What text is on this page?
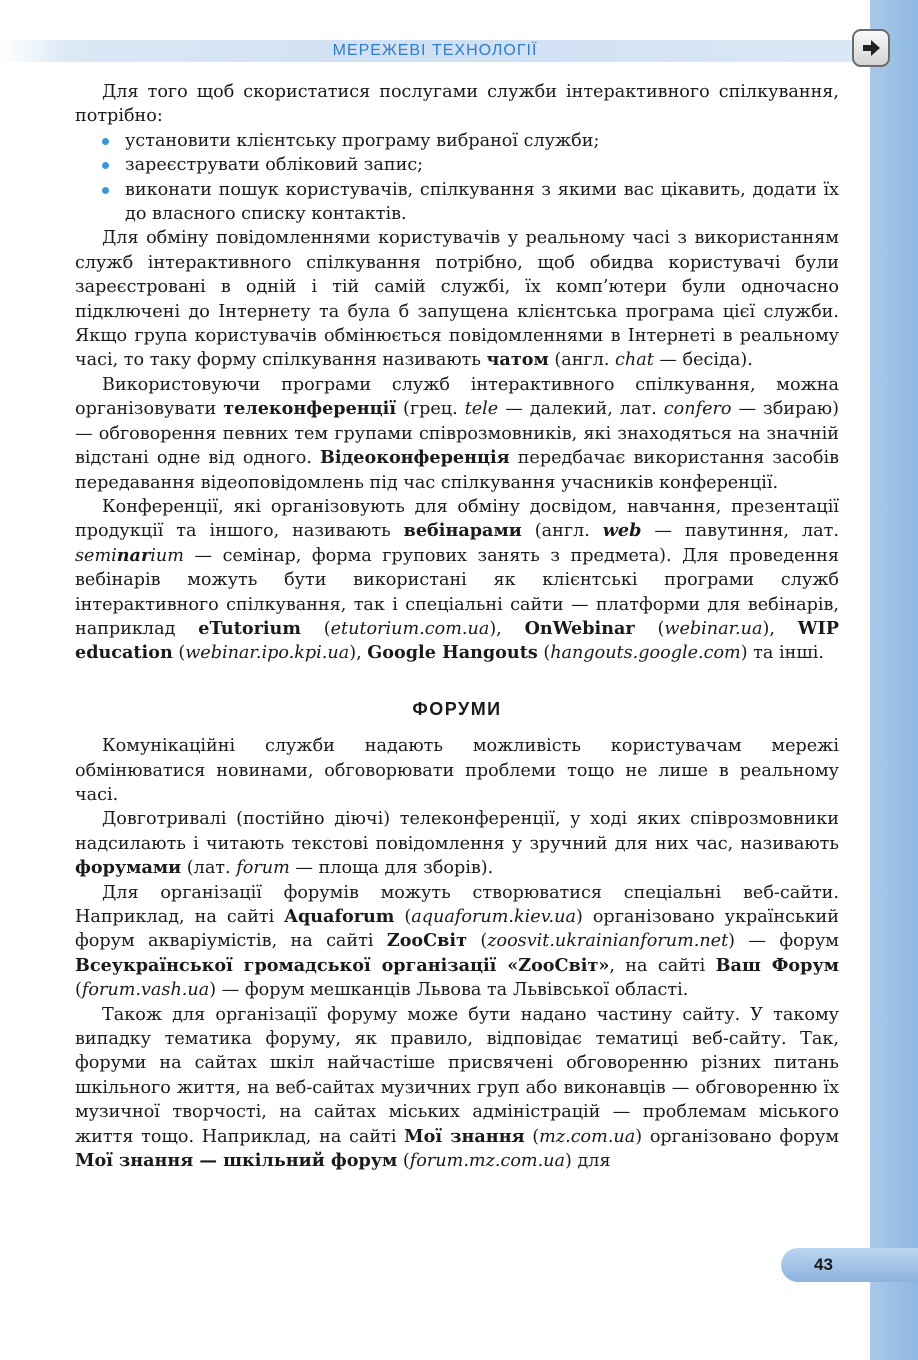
МЕРЕЖЕВІ ТЕХНОЛОГІЇ

Для того щоб скористатися послугами служби інтерактивного спілкування, потрібно:

установити клієнтську програму вибраної служби;
зареєструвати обліковий запис;
виконати пошук користувачів, спілкування з якими вас цікавить, додати їх до власного списку контактів.

Для обміну повідомленнями користувачів у реальному часі з використанням служб інтерактивного спілкування потрібно, щоб обидва користувачі були зареєстровані в одній і тій самій службі, їх комп’ютери були одночасно підключені до Інтернету та була б запущена клієнтська програма цієї служби. Якщо група користувачів обмінюється повідомленнями в Інтернеті в реальному часі, то таку форму спілкування називають чатом (англ. chat — бесіда).

Використовуючи програми служб інтерактивного спілкування, можна організовувати телеконференції (грец. tele — далекий, лат. confero — збираю) — обговорення певних тем групами співрозмовників, які знаходяться на значній відстані одне від одного. Відеоконференція передбачає використання засобів передавання відеоповідомлень під час спілкування учасників конференції.

Конференції, які організовують для обміну досвідом, навчання, презентації продукції та іншого, називають вебінарами (англ. web — павутиння, лат. seminarium — семінар, форма групових занять з предмета). Для проведення вебінарів можуть бути використані як клієнтські програми служб інтерактивного спілкування, так і спеціальні сайти — платформи для вебінарів, наприклад eTutorium (etutorium.com.ua), OnWebinar (webinar.ua), WIP education (webinar.ipo.kpi.ua), Google Hangouts (hangouts.google.com) та інші.

ФОРУМИ

Комунікаційні служби надають можливість користувачам мережі обмінюватися новинами, обговорювати проблеми тощо не лише в реальному часі.

Довготривалі (постійно діючі) телеконференції, у ході яких співрозмовники надсилають і читають текстові повідомлення у зручний для них час, називають форумами (лат. forum — площа для зборів).

Для організації форумів можуть створюватися спеціальні веб-сайти. Наприклад, на сайті Aquaforum (aquaforum.kiev.ua) організовано український форум акваріумістів, на сайті ZooСвіт (zoosvit.ukrainianforum.net) — форум Всеукраїнської громадської організації «ZooСвіт», на сайті Ваш Форум (forum.vash.ua) — форум мешканців Львова та Львівської області.

Також для організації форуму може бути надано частину сайту. У такому випадку тематика форуму, як правило, відповідає тематиці веб-сайту. Так, форуми на сайтах шкіл найчастіше присвячені обговоренню різних питань шкільного життя, на веб-сайтах музичних груп або виконавців — обговоренню їх музичної творчості, на сайтах міських адміністрацій — проблемам міського життя тощо. Наприклад, на сайті Мої знання (mz.com.ua) організовано форум Мої знання — шкільний форум (forum.mz.com.ua) для

43
